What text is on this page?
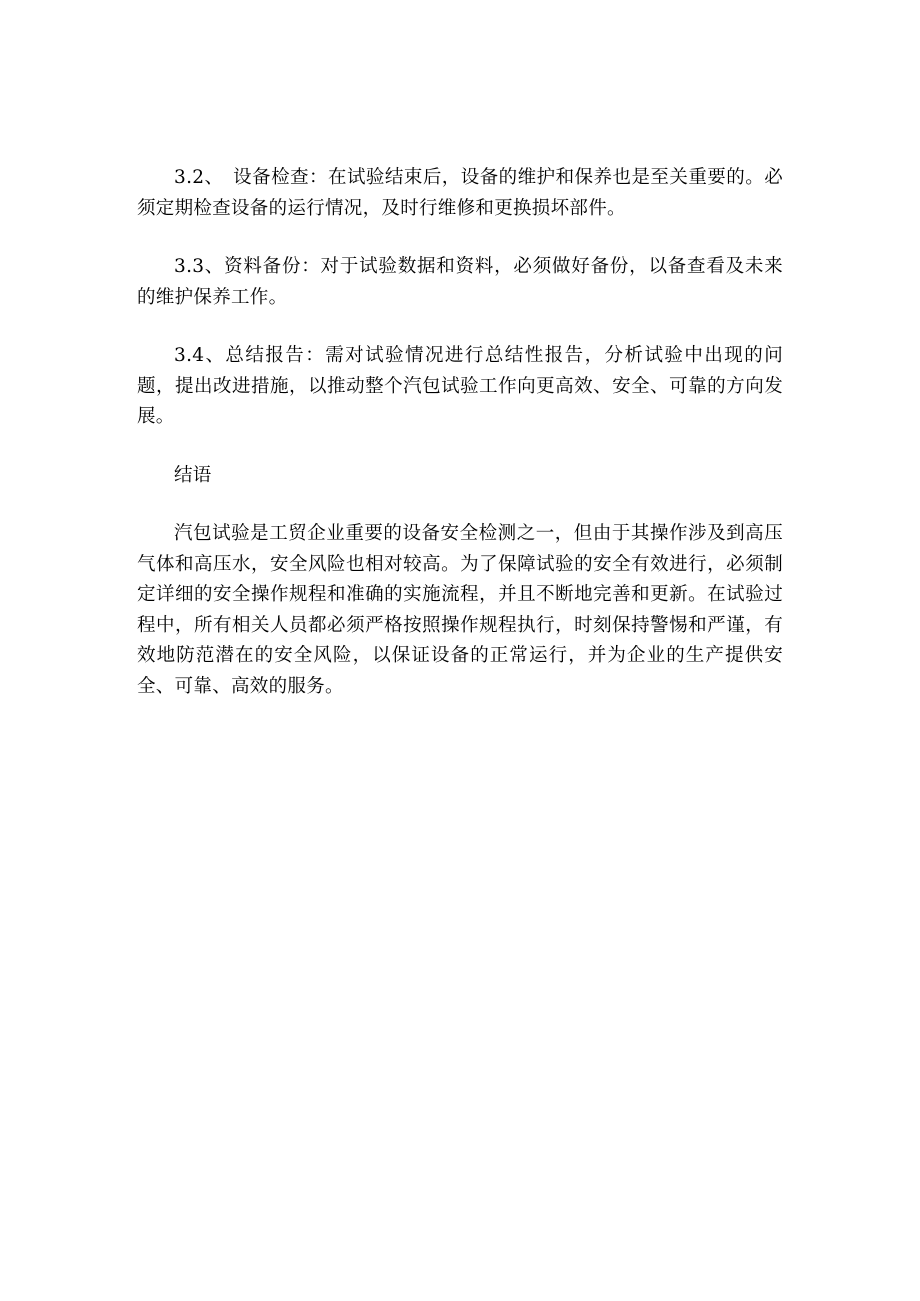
3.2、　设备检查：在试验结束后，设备的维护和保养也是至关重要的。必须定期检查设备的运行情况，及时行维修和更换损坏部件。

3.3、资料备份：对于试验数据和资料，必须做好备份，以备查看及未来的维护保养工作。

3.4、总结报告：需对试验情况进行总结性报告，分析试验中出现的问题，提出改进措施，以推动整个汽包试验工作向更高效、安全、可靠的方向发展。

结语

汽包试验是工贸企业重要的设备安全检测之一，但由于其操作涉及到高压气体和高压水，安全风险也相对较高。为了保障试验的安全有效进行，必须制定详细的安全操作规程和准确的实施流程，并且不断地完善和更新。在试验过程中，所有相关人员都必须严格按照操作规程执行，时刻保持警惕和严谨，有效地防范潜在的安全风险，以保证设备的正常运行，并为企业的生产提供安全、可靠、高效的服务。
